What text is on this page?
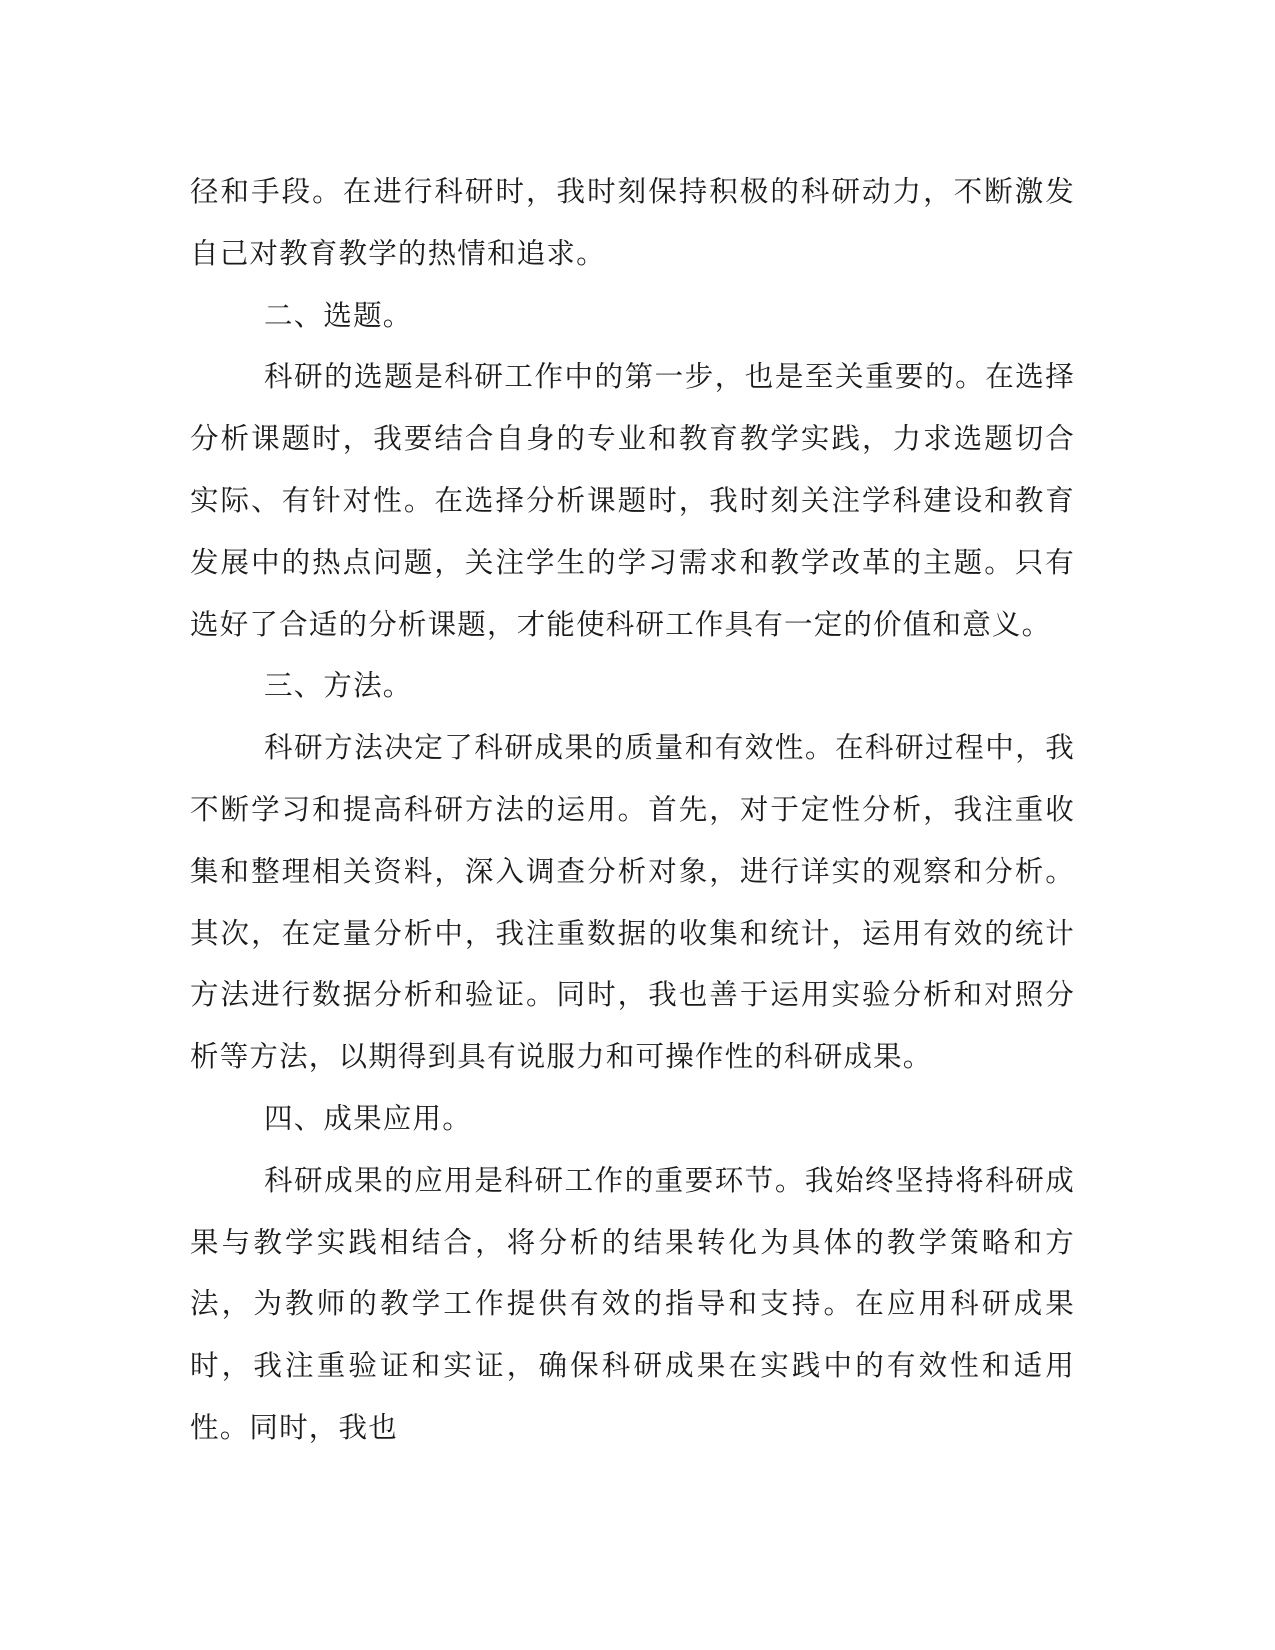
径和手段。在进行科研时，我时刻保持积极的科研动力，不断激发自己对教育教学的热情和追求。

二、选题。

科研的选题是科研工作中的第一步，也是至关重要的。在选择分析课题时，我要结合自身的专业和教育教学实践，力求选题切合实际、有针对性。在选择分析课题时，我时刻关注学科建设和教育发展中的热点问题，关注学生的学习需求和教学改革的主题。只有选好了合适的分析课题，才能使科研工作具有一定的价值和意义。

三、方法。

科研方法决定了科研成果的质量和有效性。在科研过程中，我不断学习和提高科研方法的运用。首先，对于定性分析，我注重收集和整理相关资料，深入调查分析对象，进行详实的观察和分析。其次，在定量分析中，我注重数据的收集和统计，运用有效的统计方法进行数据分析和验证。同时，我也善于运用实验分析和对照分析等方法，以期得到具有说服力和可操作性的科研成果。

四、成果应用。

科研成果的应用是科研工作的重要环节。我始终坚持将科研成果与教学实践相结合，将分析的结果转化为具体的教学策略和方法，为教师的教学工作提供有效的指导和支持。在应用科研成果时，我注重验证和实证，确保科研成果在实践中的有效性和适用性。同时，我也
